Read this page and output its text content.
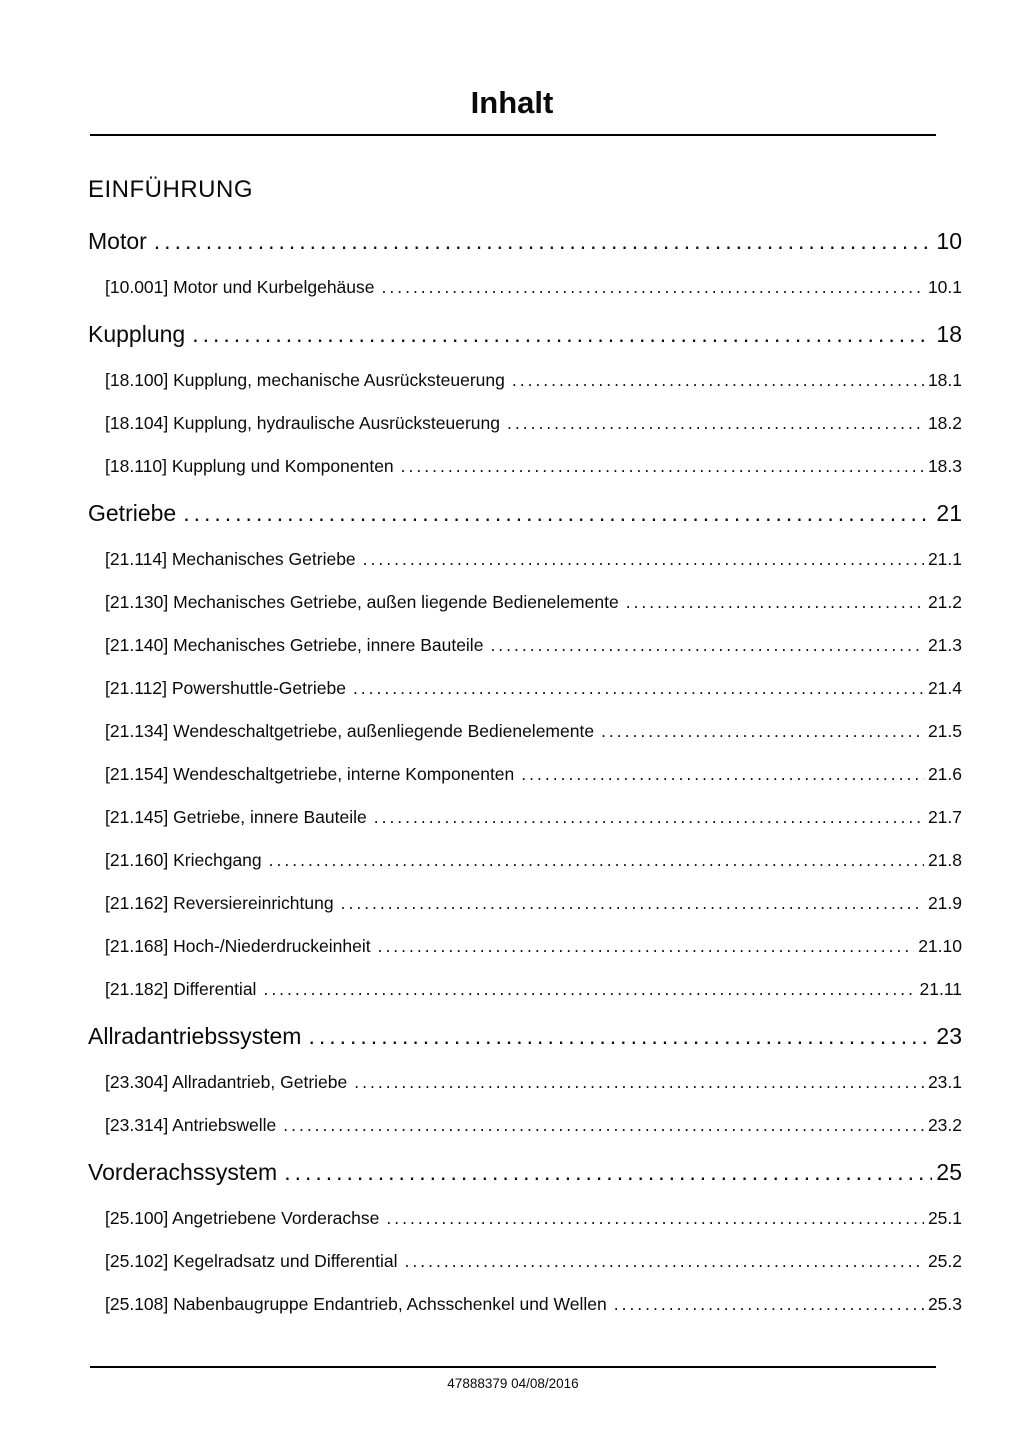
Inhalt
EINFÜHRUNG
Motor .....	10
[10.001] Motor und Kurbelgehäuse .....	10.1
Kupplung .....	18
[18.100] Kupplung, mechanische Ausrücksteuerung .....	18.1
[18.104] Kupplung, hydraulische Ausrücksteuerung .....	18.2
[18.110] Kupplung und Komponenten .....	18.3
Getriebe .....	21
[21.114] Mechanisches Getriebe .....	21.1
[21.130] Mechanisches Getriebe, außen liegende Bedienelemente .....	21.2
[21.140] Mechanisches Getriebe, innere Bauteile .....	21.3
[21.112] Powershuttle-Getriebe .....	21.4
[21.134] Wendeschaltgetriebe, außenliegende Bedienelemente .....	21.5
[21.154] Wendeschaltgetriebe, interne Komponenten .....	21.6
[21.145] Getriebe, innere Bauteile .....	21.7
[21.160] Kriechgang .....	21.8
[21.162] Reversiereinrichtung .....	21.9
[21.168] Hoch-/Niederdruckeinheit .....	21.10
[21.182] Differential .....	21.11
Allradantriebssystem .....	23
[23.304] Allradantrieb, Getriebe .....	23.1
[23.314] Antriebswelle .....	23.2
Vorderachssystem .....	25
[25.100] Angetriebene Vorderachse .....	25.1
[25.102] Kegelradsatz und Differential .....	25.2
[25.108] Nabenbaugruppe Endantrieb, Achsschenkel und Wellen .....	25.3
47888379 04/08/2016
